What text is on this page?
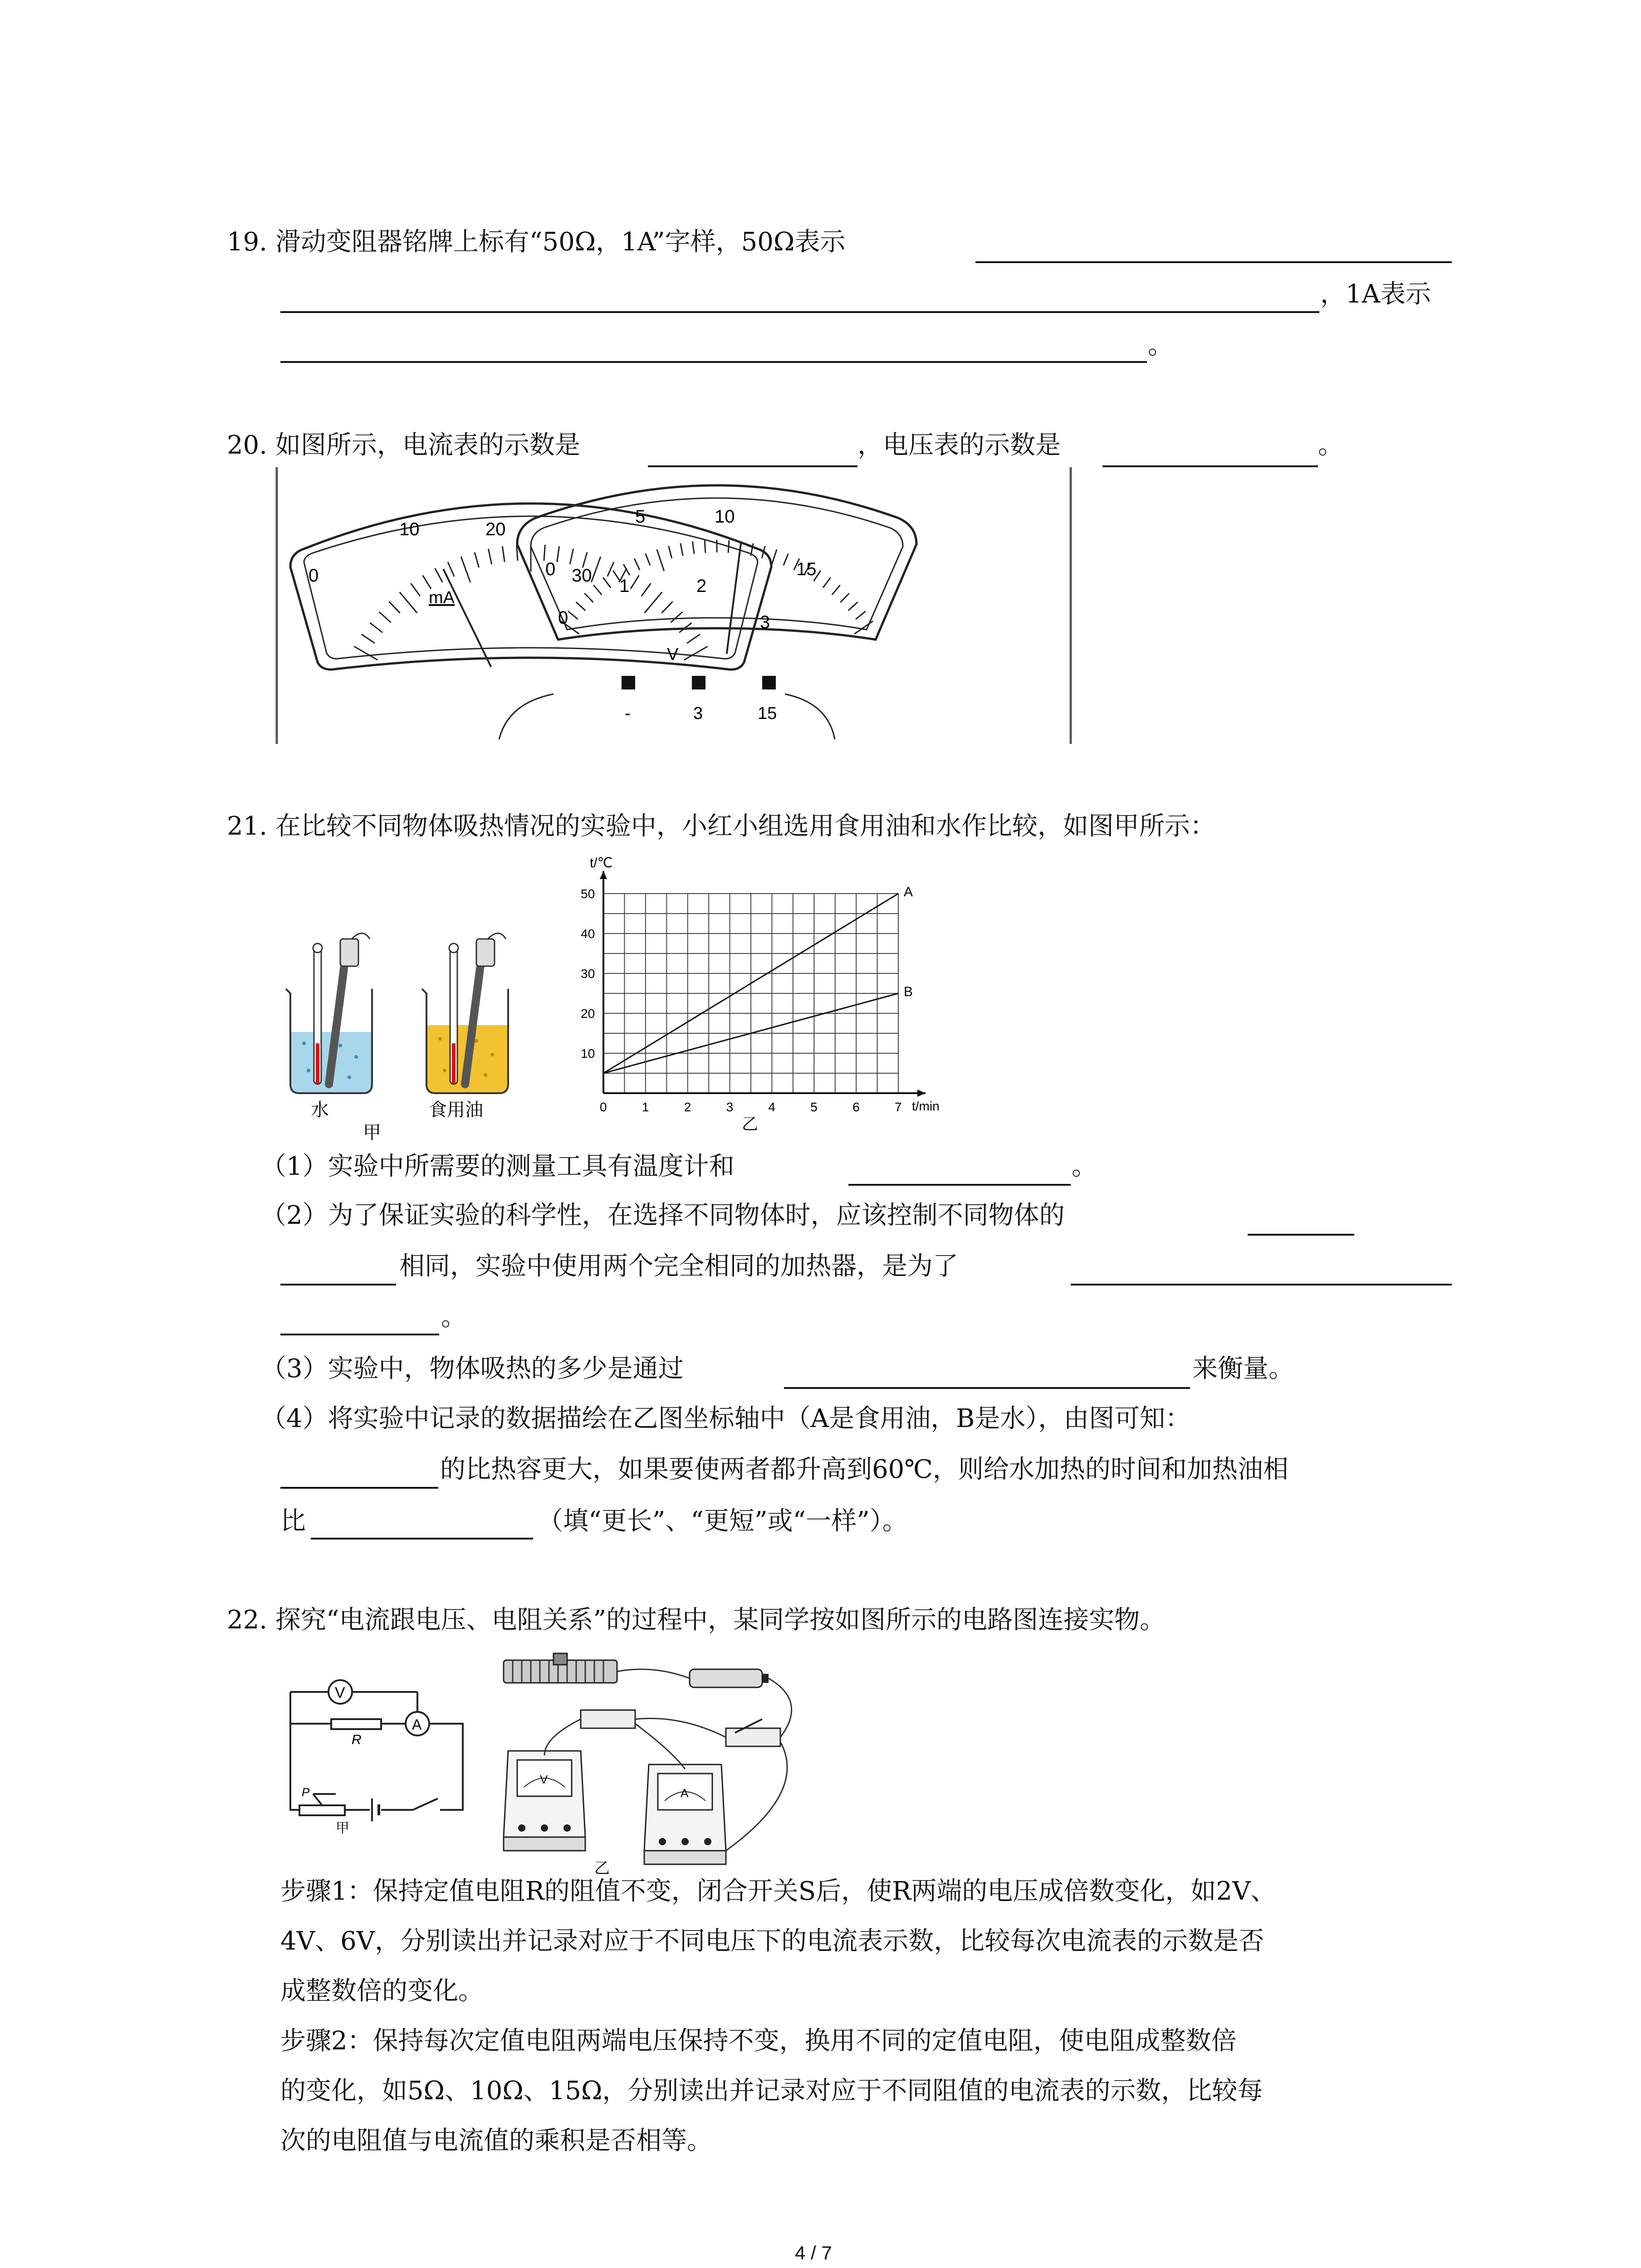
19. 滑动变阻器铭牌上标有“50Ω，1A”字样，50Ω表示
，1A表示
。
20. 如图所示，电流表的示数是	，电压表的示数是	。
0
10	20
30
mA
0
5	10
15
0
1	2
3
V
-	3	15
21. 在比较不同物体吸热情况的实验中，小红小组选用食用油和水作比较，如图甲所示：
水	食用油
甲
A
B
0	1	2	3	4	5	6	7
10
20
30
40
50
t/℃
t/min
乙
（1）实验中所需要的测量工具有温度计和	。
（2）为了保证实验的科学性，在选择不同物体时，应该控制不同物体的
相同，实验中使用两个完全相同的加热器，是为了
。
（3）实验中，物体吸热的多少是通过	来衡量。
（4）将实验中记录的数据描绘在乙图坐标轴中（A是食用油，B是水），由图可知：
的比热容更大，如果要使两者都升高到60℃，则给水加热的时间和加热油相
比	（填“更长”、“更短”或“一样”）。
22. 探究“电流跟电压、电阻关系”的过程中，某同学按如图所示的电路图连接实物。
V
R
A
P
甲
V
A
乙
步骤1：保持定值电阻R的阻值不变，闭合开关S后，使R两端的电压成倍数变化，如2V、
4V、6V，分别读出并记录对应于不同电压下的电流表示数，比较每次电流表的示数是否
成整数倍的变化。
步骤2：保持每次定值电阻两端电压保持不变，换用不同的定值电阻，使电阻成整数倍
的变化，如5Ω、10Ω、15Ω，分别读出并记录对应于不同阻值的电流表的示数，比较每
次的电阻值与电流值的乘积是否相等。
4 / 7
